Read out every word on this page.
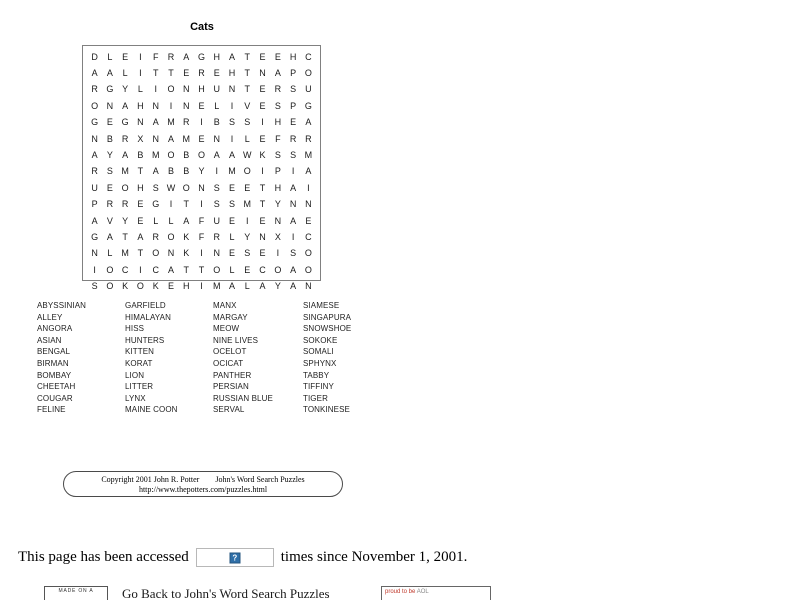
Cats
D	L	E	I	F	R	A	G	H	A	T	E	E	H	C
A	A	L	I	T	T	E	R	E	H	T	N	A	P	O
R	G	Y	L	I	O	N	H	U	N	T	E	R	S	U
O	N	A	H	N	I	N	E	L	I	V	E	S	P	G
G	E	G	N	A	M	R	I	B	S	S	I	H	E	A
N	B	R	X	N	A	M	E	N	I	L	E	F	R	R
A	Y	A	B	M	O	B	O	A	A	W	K	S	S	M
R	S	M	T	A	B	B	Y	I	M	O	I	P	I	A
U	E	O	H	S	W	O	N	S	E	E	T	H	A	I
P	R	R	E	G	I	T	I	S	S	M	T	Y	N	N
A	V	Y	E	L	L	A	F	U	E	I	E	N	A	E
G	A	T	A	R	O	K	F	R	L	Y	N	X	I	C
N	L	M	T	O	N	K	I	N	E	S	E	I	S	O
I	O	C	I	C	A	T	T	O	L	E	C	O	A	O
S	O	K	O	K	E	H	I	M	A	L	A	Y	A	N
ABYSSINIAN
ALLEY
ANGORA
ASIAN
BENGAL
BIRMAN
BOMBAY
CHEETAH
COUGAR
FELINE
GARFIELD
HIMALAYAN
HISS
HUNTERS
KITTEN
KORAT
LION
LITTER
LYNX
MAINE COON
MANX
MARGAY
MEOW
NINE LIVES
OCELOT
OCICAT
PANTHER
PERSIAN
RUSSIAN BLUE
SERVAL
SIAMESE
SINGAPURA
SNOWSHOE
SOKOKE
SOMALI
SPHYNX
TABBY
TIFFINY
TIGER
TONKINESE
Copyright 2001 John R. Potter John's Word Search Puzzles
http://www.thepotters.com/puzzles.html
This page has been accessed	?	times since November 1, 2001.
MADE ON A	Go Back to John's Word Search Puzzles	proud to be AOL
